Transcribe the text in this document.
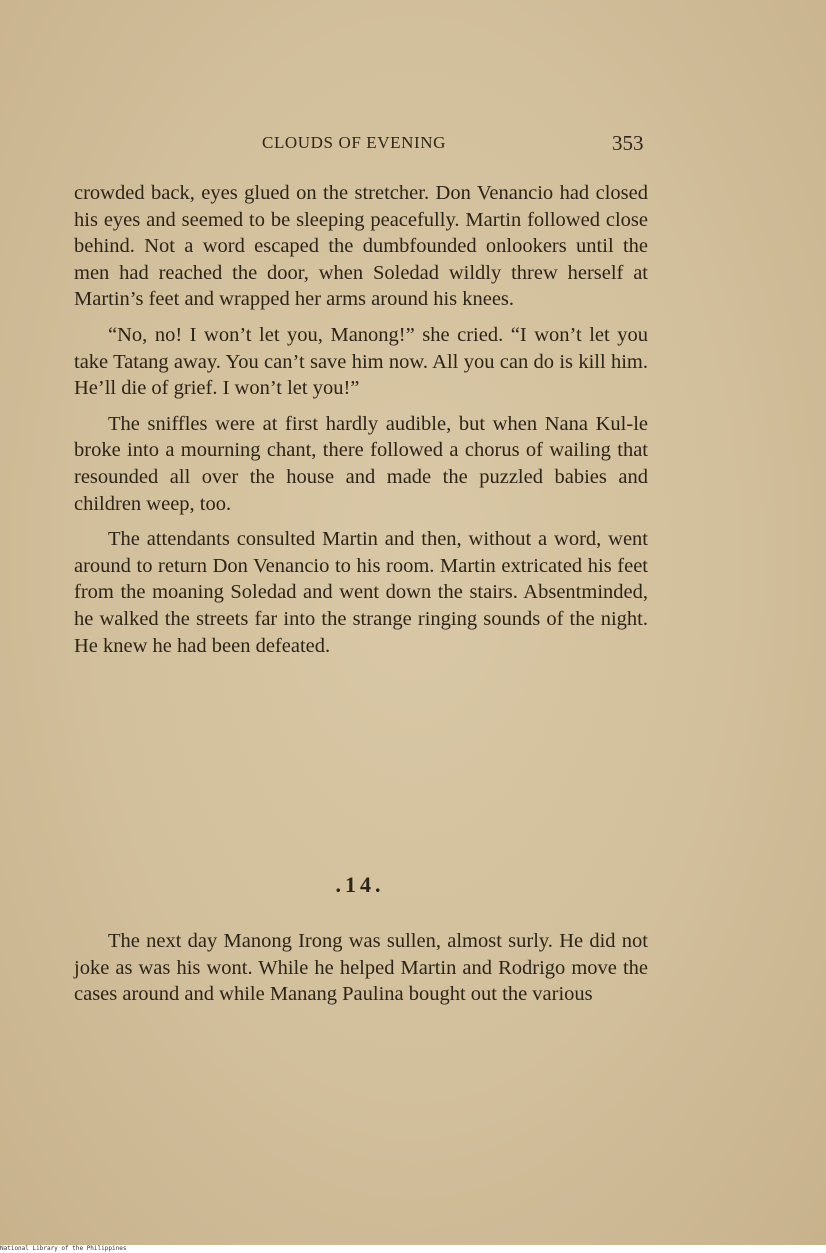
CLOUDS OF EVENING	353

crowded back, eyes glued on the stretcher. Don Venancio had closed his eyes and seemed to be sleeping peacefully. Martin followed close behind. Not a word escaped the dumbfounded onlookers until the men had reached the door, when Soledad wildly threw herself at Martin’s feet and wrapped her arms around his knees.

“No, no! I won’t let you, Manong!” she cried. “I won’t let you take Tatang away. You can’t save him now. All you can do is kill him. He’ll die of grief. I won’t let you!”

The sniffles were at first hardly audible, but when Nana Kul-le broke into a mourning chant, there followed a chorus of wailing that resounded all over the house and made the puzzled babies and children weep, too.

The attendants consulted Martin and then, without a word, went around to return Don Venancio to his room. Martin extricated his feet from the moaning Soledad and went down the stairs. Absentminded, he walked the streets far into the strange ringing sounds of the night. He knew he had been defeated.

.14.

The next day Manong Irong was sullen, almost surly. He did not joke as was his wont. While he helped Martin and Rodrigo move the cases around and while Manang Paulina bought out the various

National Library of the Philippines
